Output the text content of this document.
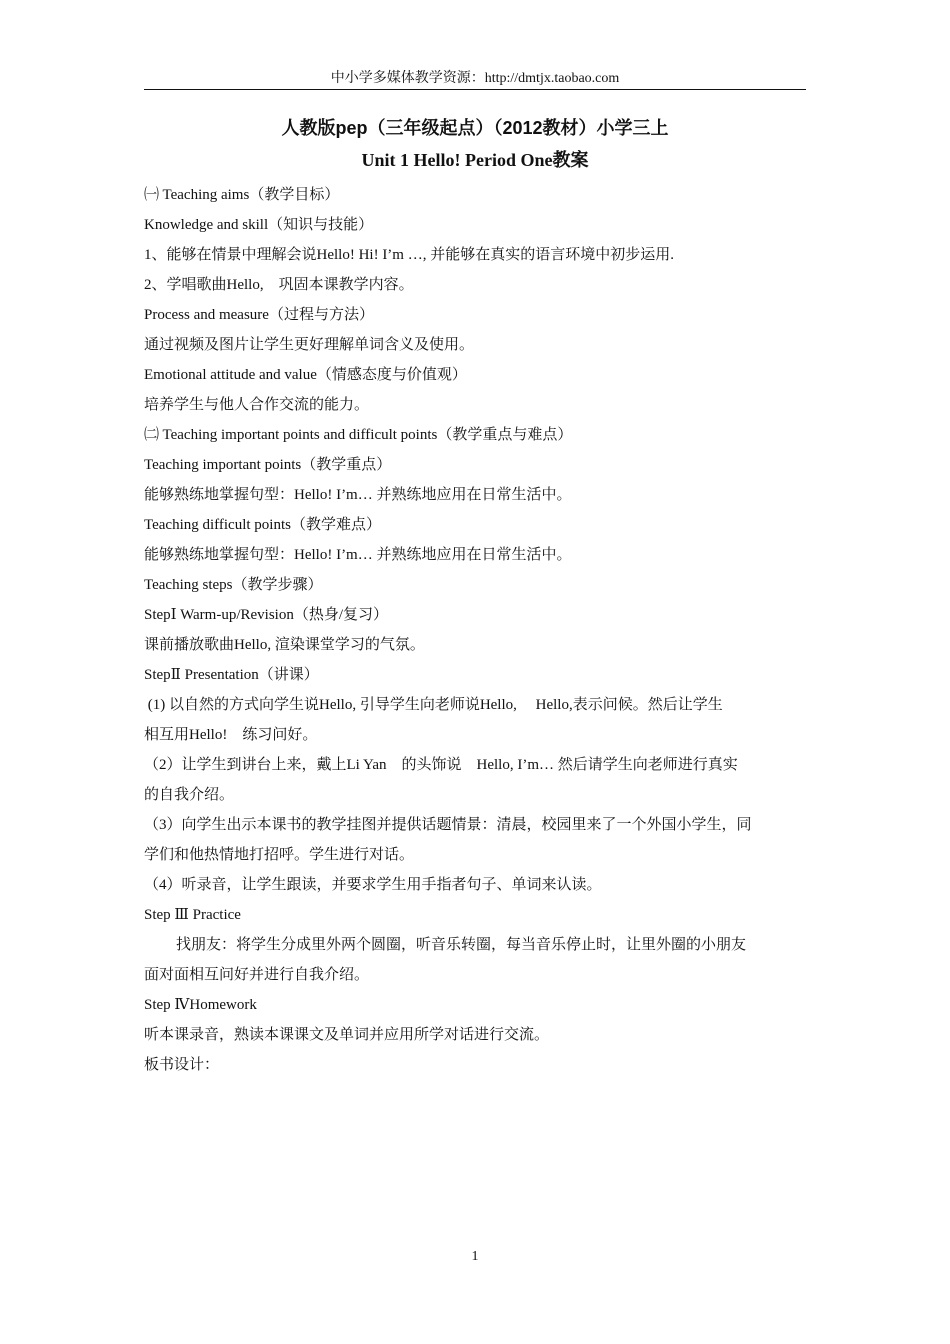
中小学多媒体教学资源：http://dmtjx.taobao.com
人教版pep（三年级起点）（2012教材）小学三上
Unit 1 Hello! Period One教案

㈠ Teaching aims（教学目标）

Knowledge and skill（知识与技能）

1、能够在情景中理解会说Hello! Hi! I’m …, 并能够在真实的语言环境中初步运用.

2、学唱歌曲Hello,　巩固本课教学内容。

Process and measure（过程与方法）

通过视频及图片让学生更好理解单词含义及使用。

Emotional attitude and value（情感态度与价值观）

培养学生与他人合作交流的能力。

㈡ Teaching important points and difficult points（教学重点与难点）

Teaching important points（教学重点）

能够熟练地掌握句型：Hello! I’m… 并熟练地应用在日常生活中。

Teaching difficult points（教学难点）

能够熟练地掌握句型：Hello! I’m… 并熟练地应用在日常生活中。

Teaching steps（教学步骤）

StepⅠ Warm-up/Revision（热身/复习）

课前播放歌曲Hello, 渲染课堂学习的气氛。

StepⅡ Presentation（讲课）

(1) 以自然的方式向学生说Hello, 引导学生向老师说Hello,　 Hello,表示问候。然后让学生

相互用Hello!　练习问好。

（2）让学生到讲台上来，戴上Li Yan　的头饰说　Hello, I’m… 然后请学生向老师进行真实

的自我介绍。

（3）向学生出示本课书的教学挂图并提供话题情景：清晨，校园里来了一个外国小学生，同

学们和他热情地打招呼。学生进行对话。

（4）听录音，让学生跟读，并要求学生用手指者句子、单词来认读。

Step Ⅲ Practice

找朋友：将学生分成里外两个圆圈，听音乐转圈，每当音乐停止时，让里外圈的小朋友

面对面相互问好并进行自我介绍。

Step ⅣHomework

听本课录音，熟读本课课文及单词并应用所学对话进行交流。

板书设计：

1
